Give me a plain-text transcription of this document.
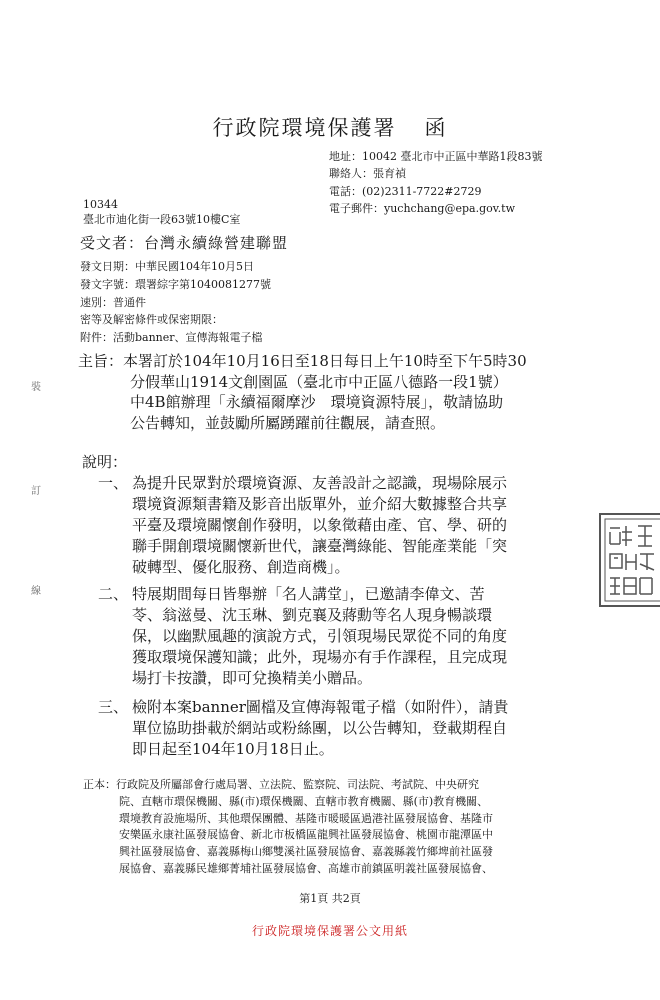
行政院環境保護署 函
地址：10042 臺北市中正區中華路1段83號
聯絡人：張育禎
電話：(02)2311-7722#2729
電子郵件：yuchchang@epa.gov.tw
10344
臺北市迪化街一段63號10樓C室
受文者：台灣永續綠營建聯盟
發文日期：中華民國104年10月5日
發文字號：環署綜字第1040081277號
速別：普通件
密等及解密條件或保密期限：
附件：活動banner、宣傳海報電子檔
主旨：本署訂於104年10月16日至18日每日上午10時至下午5時30
分假華山1914文創園區（臺北市中正區八德路一段1號）
中4B館辦理「永續福爾摩沙　環境資源特展」，敬請協助
公告轉知，並鼓勵所屬踴躍前往觀展，請查照。
說明：
一、 為提升民眾對於環境資源、友善設計之認識，現場除展示
環境資源類書籍及影音出版單外，並介紹大數據整合共享
平臺及環境關懷創作發明，以象徵藉由產、官、學、研的
聯手開創環境關懷新世代，讓臺灣綠能、智能產業能「突
破轉型、優化服務、創造商機」。
二、 特展期間每日皆舉辦「名人講堂」，已邀請李偉文、苦
苓、翁滋曼、沈玉琳、劉克襄及蔣勳等名人現身暢談環
保，以幽默風趣的演說方式，引領現場民眾從不同的角度
獲取環境保護知識；此外，現場亦有手作課程，且完成現
場打卡按讚，即可兌換精美小贈品。
三、 檢附本案banner圖檔及宣傳海報電子檔（如附件），請貴
單位協助掛載於網站或粉絲團，以公告轉知，登載期程自
即日起至104年10月18日止。
正本：行政院及所屬部會行處局署、立法院、監察院、司法院、考試院、中央研究
院、直轄市環保機關、縣(市)環保機關、直轄市教育機關、縣(市)教育機關、
環境教育設施場所、其他環保團體、基隆市暖暖區過港社區發展協會、基隆市
安樂區永康社區發展協會、新北市板橋區龍興社區發展協會、桃園市龍潭區中
興社區發展協會、嘉義縣梅山鄉雙溪社區發展協會、嘉義縣義竹鄉埤前社區發
展協會、嘉義縣民雄鄉菁埔社區發展協會、高雄市前鎮區明義社區發展協會、
第1頁 共2頁
行政院環境保護署公文用紙
裝
訂
線
